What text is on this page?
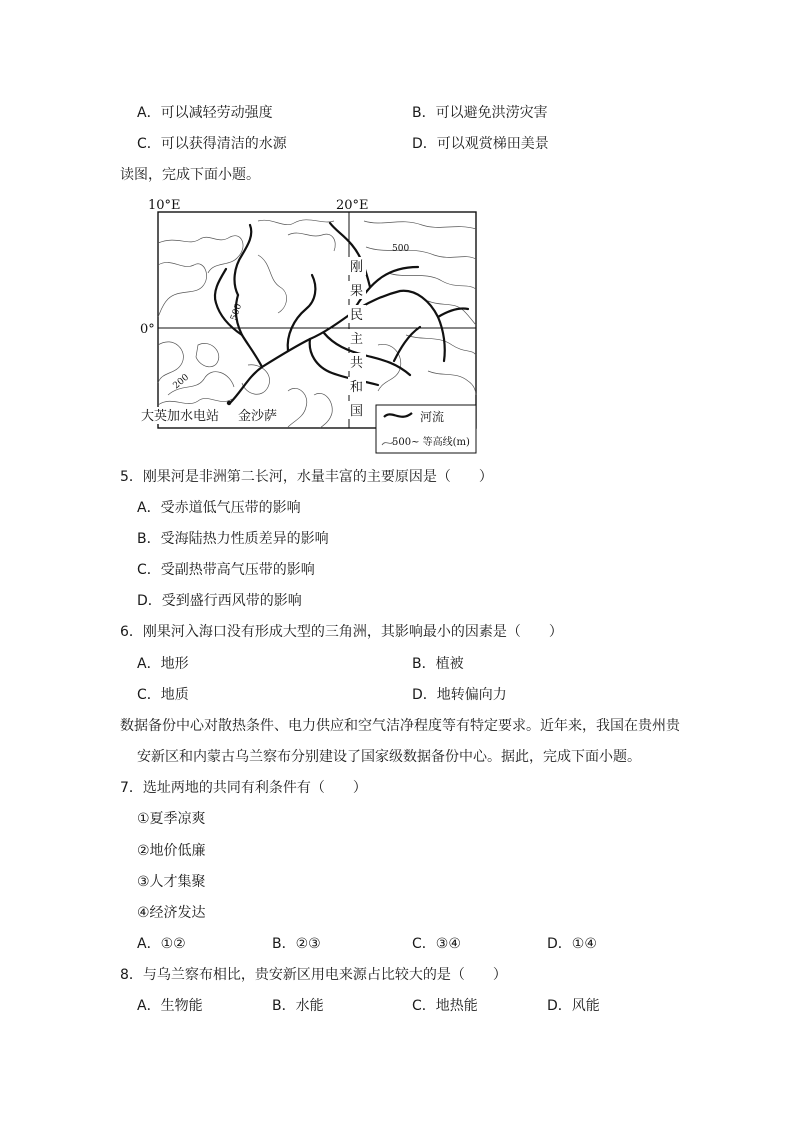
A．可以减轻劳动强度	B．可以避免洪涝灾害
C．可以获得清洁的水源	D．可以观赏梯田美景
读图，完成下面小题。
10°E	20°E
0°
500
500
200
刚
果
民
主
共
和
国
大英加水电站 金沙萨	河流
500~ 等高线(m)
5．刚果河是非洲第二长河，水量丰富的主要原因是（　　）
A．受赤道低气压带的影响
B．受海陆热力性质差异的影响
C．受副热带高气压带的影响
D．受到盛行西风带的影响
6．刚果河入海口没有形成大型的三角洲，其影响最小的因素是（　　）
A．地形	B．植被
C．地质	D．地转偏向力
数据备份中心对散热条件、电力供应和空气洁净程度等有特定要求。近年来，我国在贵州贵
安新区和内蒙古乌兰察布分别建设了国家级数据备份中心。据此，完成下面小题。
7．选址两地的共同有利条件有（　　）
①夏季凉爽
②地价低廉
③人才集聚
④经济发达
A．①②	B．②③	C．③④	D．①④
8．与乌兰察布相比，贵安新区用电来源占比较大的是（　　）
A．生物能	B．水能	C．地热能	D．风能
